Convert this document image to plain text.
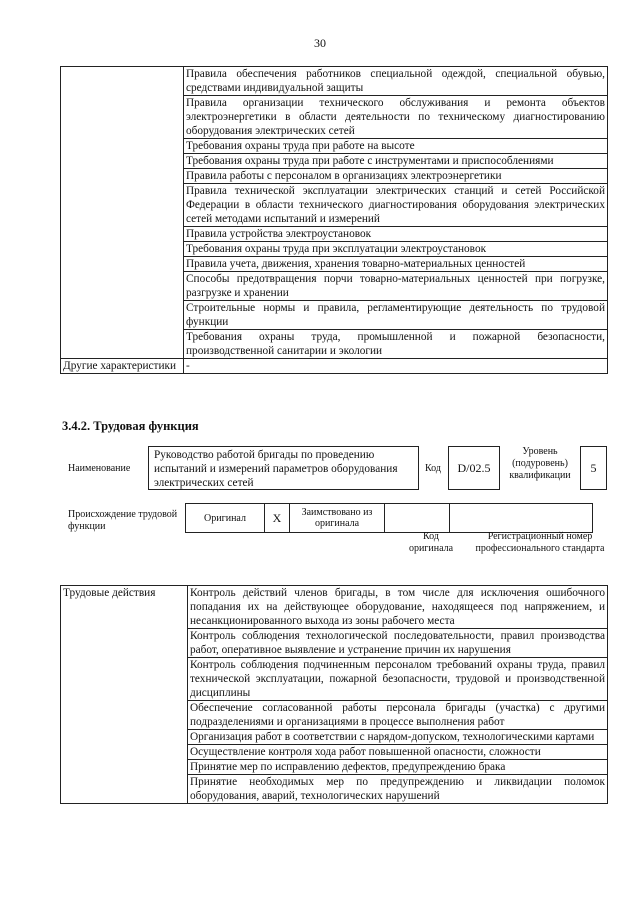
30
	Правила обеспечения работников специальной одеждой, специальной обувью, средствами индивидуальной защиты
	Правила организации технического обслуживания и ремонта объектов электроэнергетики в области деятельности по техническому диагностированию оборудования электрических сетей
	Требования охраны труда при работе на высоте
	Требования охраны труда при работе с инструментами и приспособлениями
	Правила работы с персоналом в организациях электроэнергетики
	Правила технической эксплуатации электрических станций и сетей Российской Федерации в области технического диагностирования оборудования электрических сетей методами испытаний и измерений
	Правила устройства электроустановок
	Требования охраны труда при эксплуатации электроустановок
	Правила учета, движения, хранения товарно-материальных ценностей
	Способы предотвращения порчи товарно-материальных ценностей при погрузке, разгрузке и хранении
	Строительные нормы и правила, регламентирующие деятельность по трудовой функции
	Требования охраны труда, промышленной и пожарной безопасности, производственной санитарии и экологии
Другие характеристики	-
3.4.2. Трудовая функция
Наименование
Руководство работой бригады по проведению испытаний и измерений параметров оборудования электрических сетей
Код	D/02.5
Уровень (подуровень) квалификации
5
Происхождение трудовой функции
Оригинал	X	Заимствовано из оригинала
Код оригинала
Регистрационный номер профессионального стандарта
Трудовые действия	Контроль действий членов бригады, в том числе для исключения ошибочного попадания их на действующее оборудование, находящееся под напряжением, и несанкционированного выхода из зоны рабочего места
	Контроль соблюдения технологической последовательности, правил производства работ, оперативное выявление и устранение причин их нарушения
	Контроль соблюдения подчиненным персоналом требований охраны труда, правил технической эксплуатации, пожарной безопасности, трудовой и производственной дисциплины
	Обеспечение согласованной работы персонала бригады (участка) с другими подразделениями и организациями в процессе выполнения работ
	Организация работ в соответствии с нарядом-допуском, технологическими картами
	Осуществление контроля хода работ повышенной опасности, сложности
	Принятие мер по исправлению дефектов, предупреждению брака
	Принятие необходимых мер по предупреждению и ликвидации поломок оборудования, аварий, технологических нарушений
